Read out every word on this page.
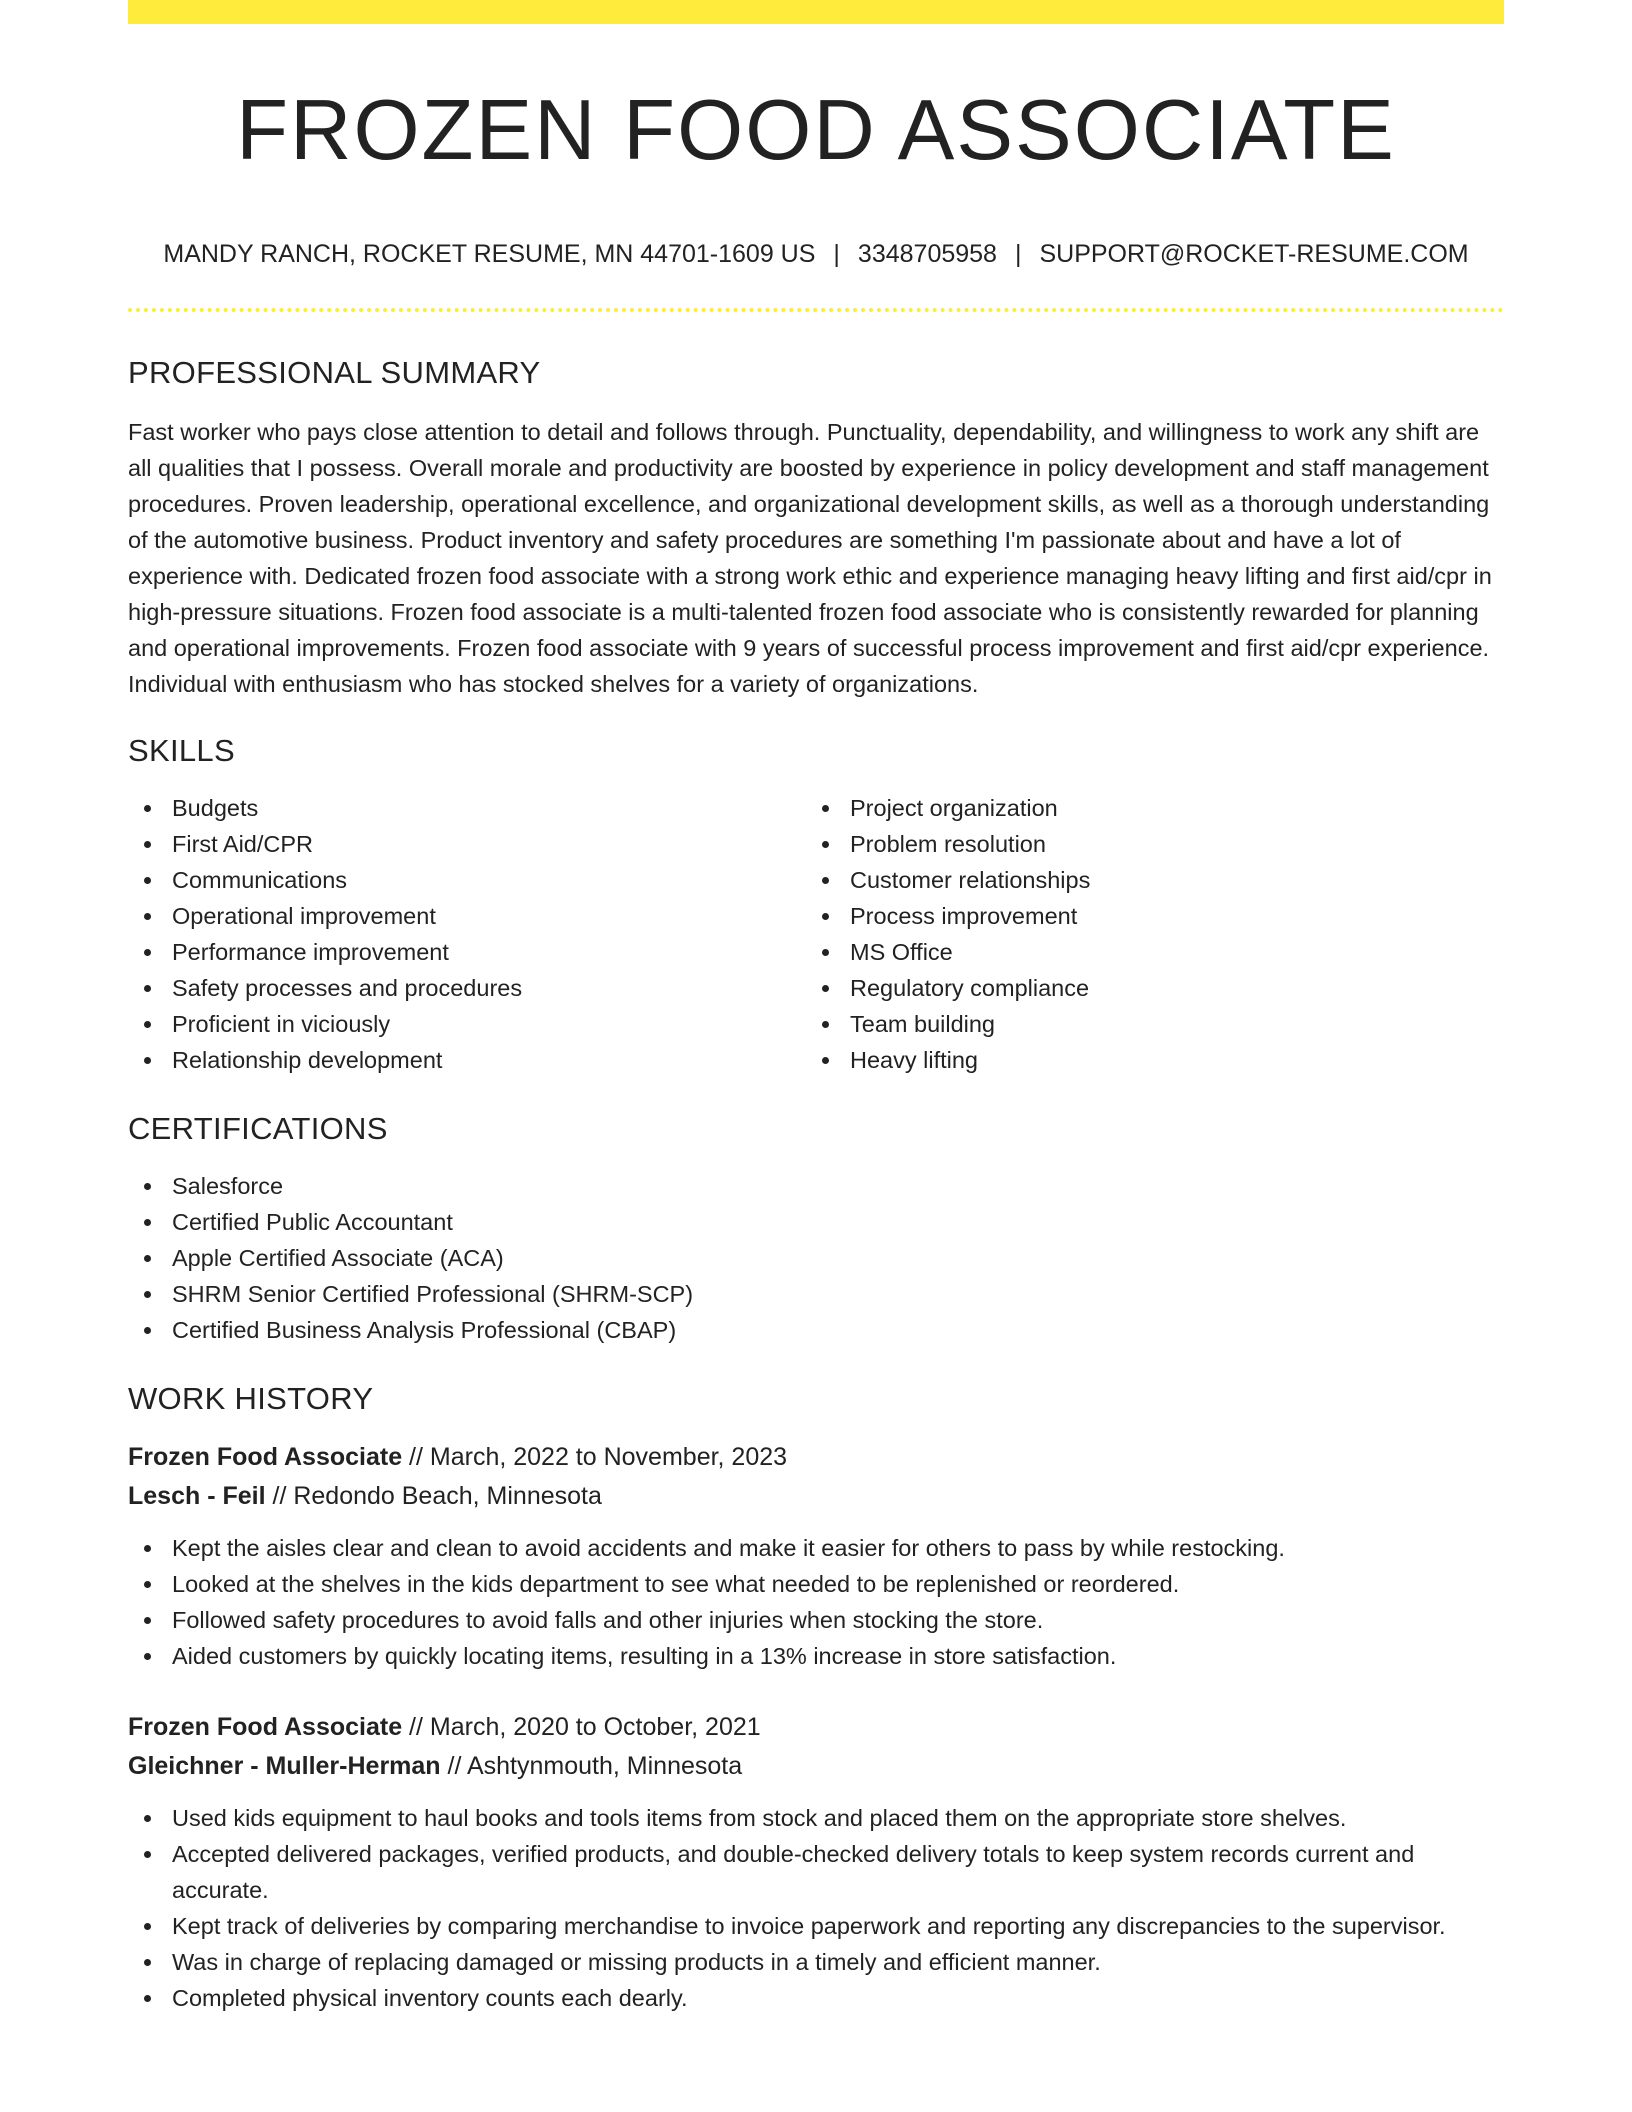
FROZEN FOOD ASSOCIATE
MANDY RANCH, ROCKET RESUME, MN 44701-1609 US | 3348705958 | SUPPORT@ROCKET-RESUME.COM
PROFESSIONAL SUMMARY

Fast worker who pays close attention to detail and follows through. Punctuality, dependability, and willingness to work any shift are all qualities that I possess. Overall morale and productivity are boosted by experience in policy development and staff management procedures. Proven leadership, operational excellence, and organizational development skills, as well as a thorough understanding of the automotive business. Product inventory and safety procedures are something I'm passionate about and have a lot of experience with. Dedicated frozen food associate with a strong work ethic and experience managing heavy lifting and first aid/cpr in high-pressure situations. Frozen food associate is a multi-talented frozen food associate who is consistently rewarded for planning and operational improvements. Frozen food associate with 9 years of successful process improvement and first aid/cpr experience. Individual with enthusiasm who has stocked shelves for a variety of organizations.

SKILLS
Budgets
First Aid/CPR
Communications
Operational improvement
Performance improvement
Safety processes and procedures
Proficient in viciously
Relationship development
Project organization
Problem resolution
Customer relationships
Process improvement
MS Office
Regulatory compliance
Team building
Heavy lifting
CERTIFICATIONS
Salesforce
Certified Public Accountant
Apple Certified Associate (ACA)
SHRM Senior Certified Professional (SHRM-SCP)
Certified Business Analysis Professional (CBAP)
WORK HISTORY
Frozen Food Associate // March, 2022 to November, 2023
Lesch - Feil // Redondo Beach, Minnesota
Kept the aisles clear and clean to avoid accidents and make it easier for others to pass by while restocking.
Looked at the shelves in the kids department to see what needed to be replenished or reordered.
Followed safety procedures to avoid falls and other injuries when stocking the store.
Aided customers by quickly locating items, resulting in a 13% increase in store satisfaction.
Frozen Food Associate // March, 2020 to October, 2021
Gleichner - Muller-Herman // Ashtynmouth, Minnesota
Used kids equipment to haul books and tools items from stock and placed them on the appropriate store shelves.
Accepted delivered packages, verified products, and double-checked delivery totals to keep system records current and accurate.
Kept track of deliveries by comparing merchandise to invoice paperwork and reporting any discrepancies to the supervisor.
Was in charge of replacing damaged or missing products in a timely and efficient manner.
Completed physical inventory counts each dearly.
